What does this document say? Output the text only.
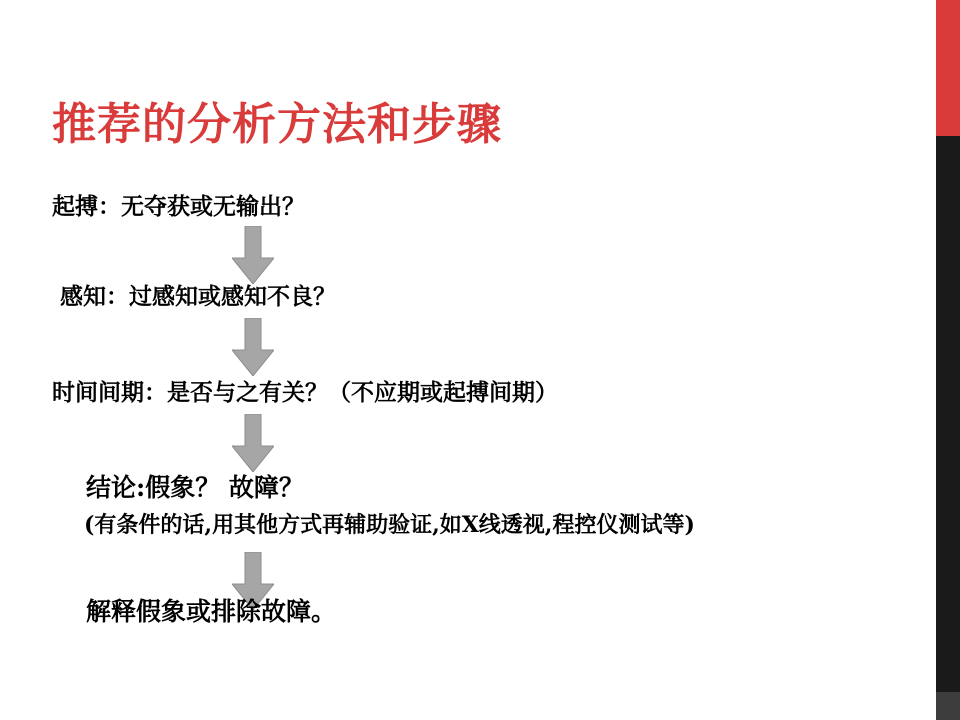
推荐的分析方法和步骤
起搏：无夺获或无输出？
感知：过感知或感知不良？
时间间期：是否与之有关？（不应期或起搏间期）
结论:假象？ 故障？
(有条件的话,用其他方式再辅助验证,如X线透视,程控仪测试等)
解释假象或排除故障。
